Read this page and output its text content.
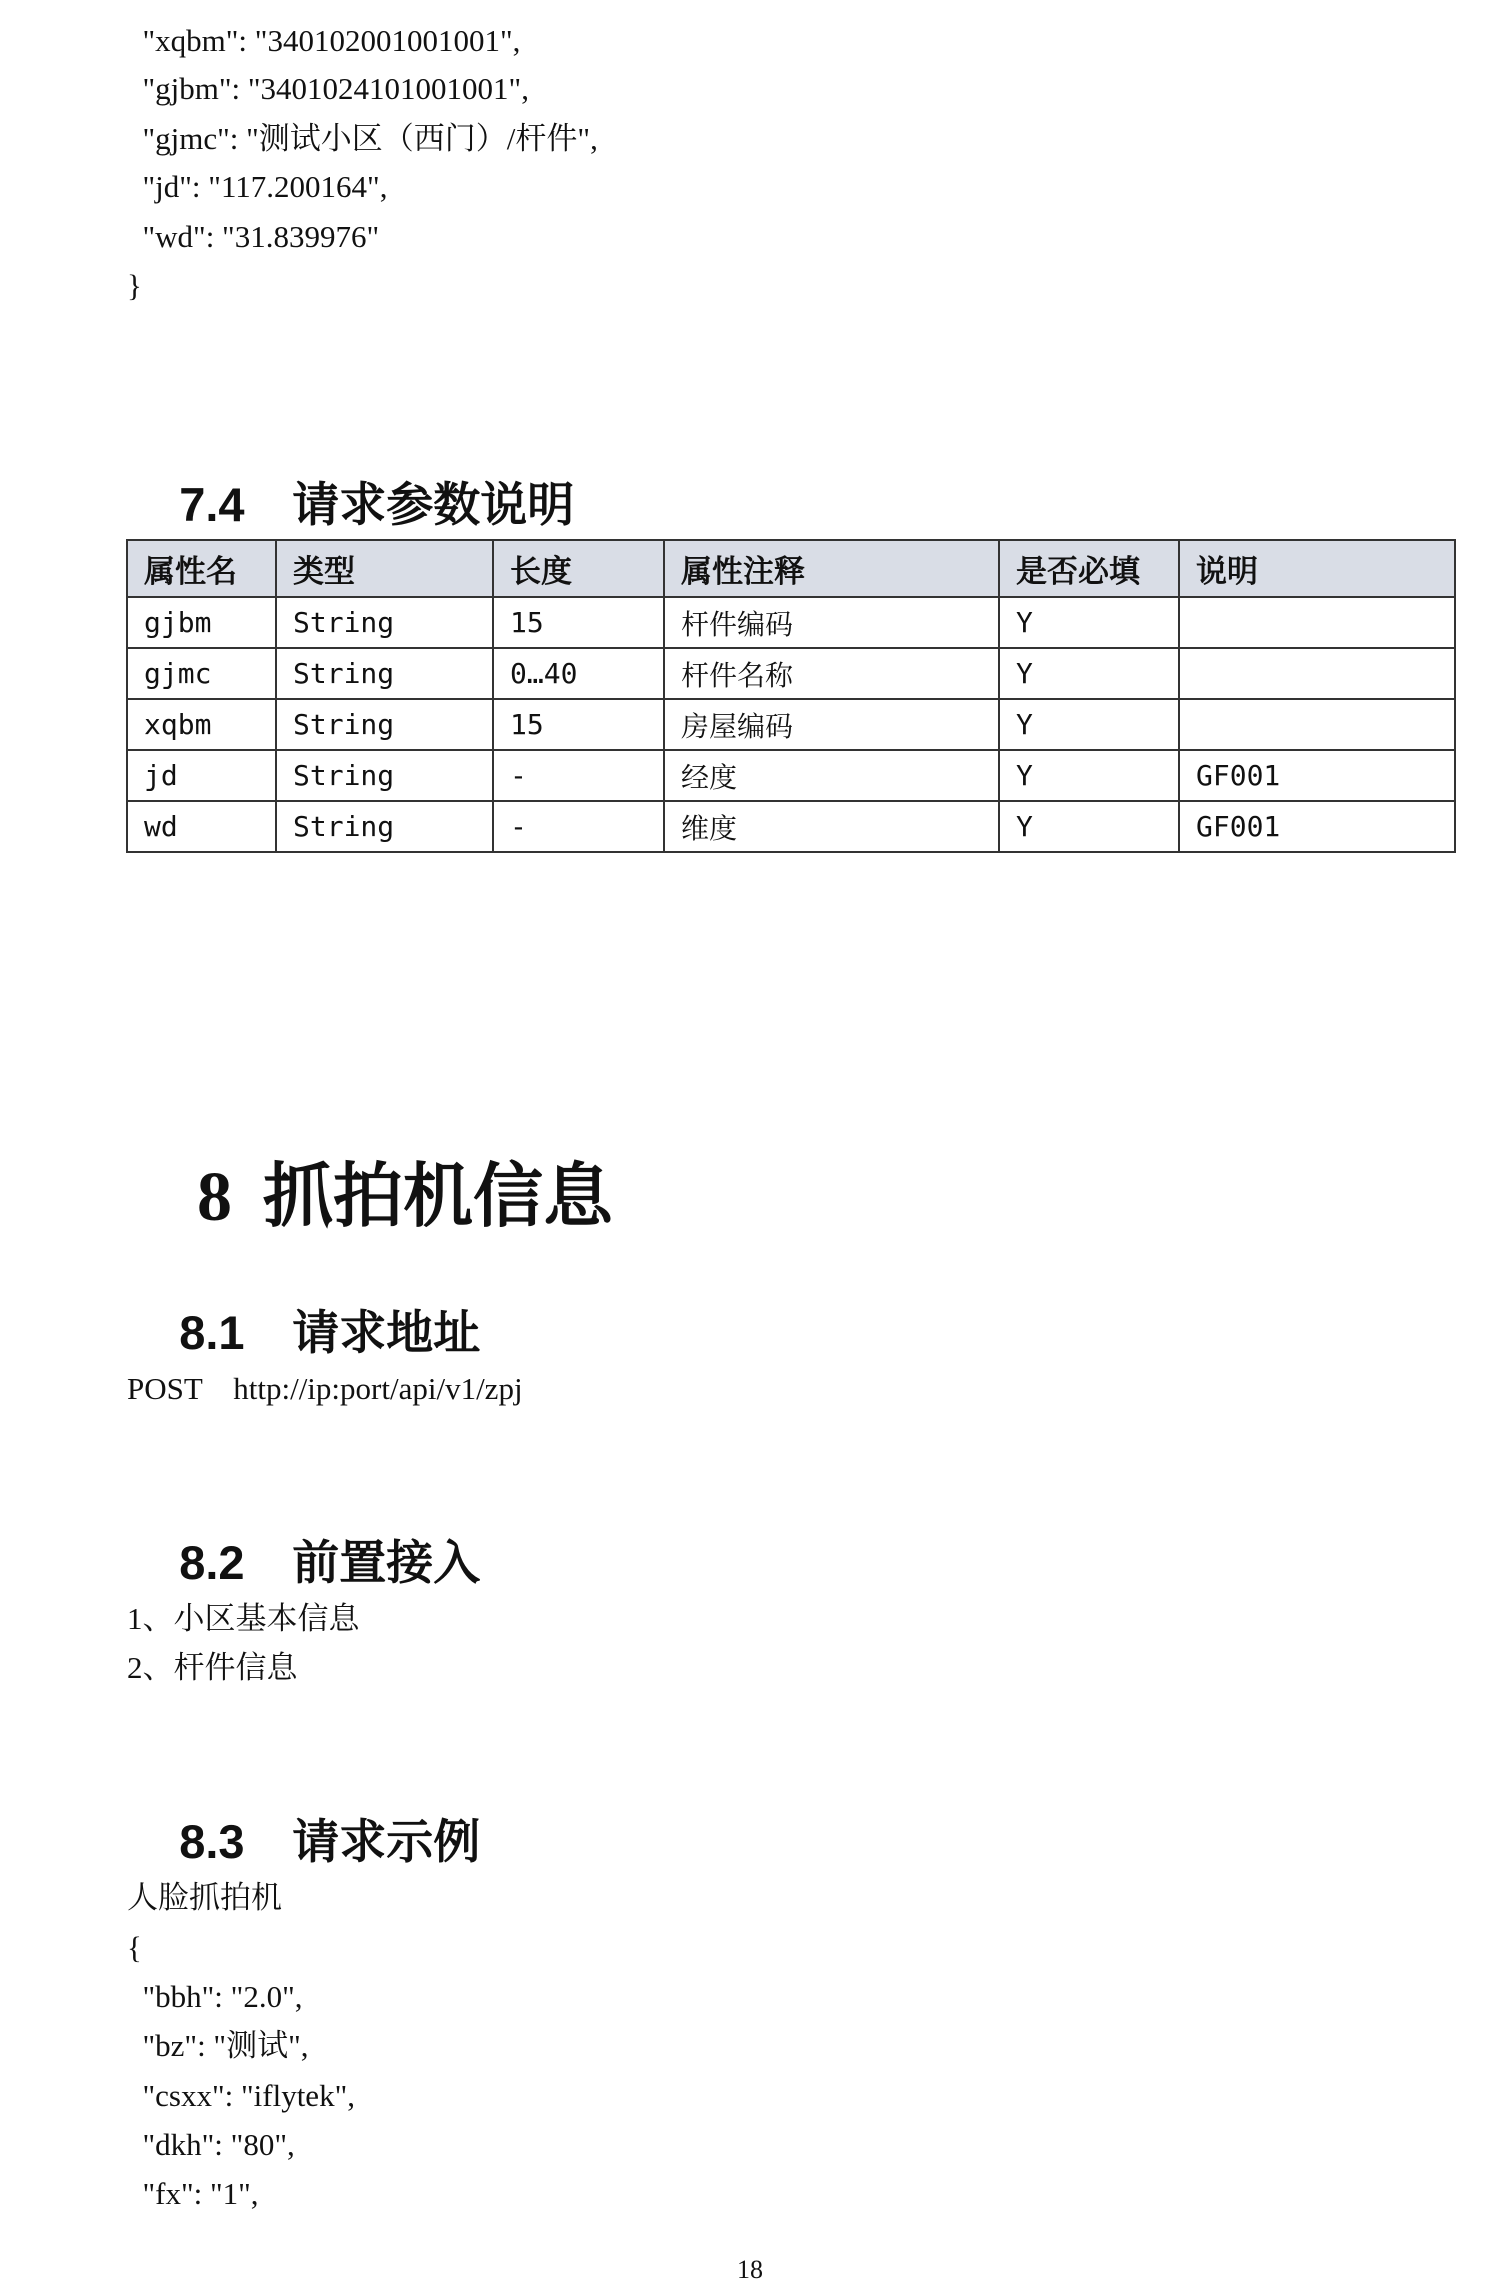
"xqbm": "340102001001001",
"gjbm": "3401024101001001",
"gjmc": "测试小区（西门）/杆件",
"jd": "117.200164",
"wd": "31.839976"
}

7.4 请求参数说明

属性名	类型	长度	属性注释	是否必填	说明
gjbm	String	15	杆件编码	Y	
gjmc	String	0…40	杆件名称	Y	
xqbm	String	15	房屋编码	Y	
jd	String	-	经度	Y	GF001
wd	String	-	维度	Y	GF001

8 抓拍机信息

8.1 请求地址

POST    http://ip:port/api/v1/zpj

8.2 前置接入

1、小区基本信息
2、杆件信息

8.3 请求示例

人脸抓拍机
{
"bbh": "2.0",
"bz": "测试",
"csxx": "iflytek",
"dkh": "80",
"fx": "1",
18
